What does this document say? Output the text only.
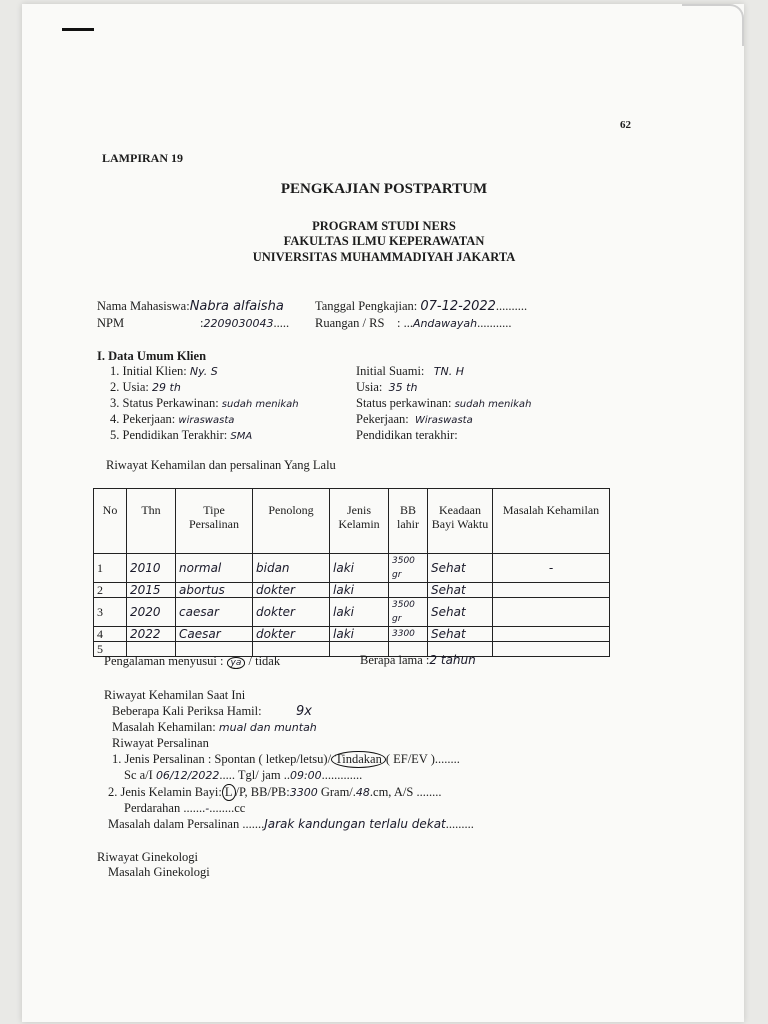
62
LAMPIRAN 19
PENGKAJIAN POSTPARTUM
PROGRAM STUDI NERS
FAKULTAS ILMU KEPERAWATAN
UNIVERSITAS MUHAMMADIYAH JAKARTA
Nama Mahasiswa:Nabra alfaisha Tanggal Pengkajian: 07-12-2022..........
NPM	:2209030043..... Ruangan / RS : ...Andawayah...........
I. Data Umum Klien
1. Initial Klien: Ny. S
2. Usia: 29 th
3. Status Perkawinan: sudah menikah
4. Pekerjaan: wiraswasta
5. Pendidikan Terakhir: SMA
Initial Suami: TN. H
Usia: 35 th
Status perkawinan: sudah menikah
Pekerjaan: Wiraswasta
Pendidikan terakhir:
Riwayat Kehamilan dan persalinan Yang Lalu
No	Thn	Tipe Persalinan	Penolong	Jenis Kelamin	BB lahir	Keadaan Bayi Waktu	Masalah Kehamilan
1	2010	normal	bidan	laki	3500 gr	Sehat	-
2	2015	abortus	dokter	laki		Sehat	
3	2020	caesar	dokter	laki	3500 gr	Sehat	
4	2022	Caesar	dokter	laki	3300	Sehat	
5							
Pengalaman menyusui : ya / tidak	Berapa lama :2 tahun
Riwayat Kehamilan Saat Ini
Beberapa Kali Periksa Hamil:	9x
Masalah Kehamilan: mual dan muntah
Riwayat Persalinan
1. Jenis Persalinan : Spontan ( letkep/letsu)/ Tindakan ( EF/EV )........
Sc a/I 06/12/2022..... Tgl/ jam ..09:00.............
2. Jenis Kelamin Bayi: L /P, BB/PB:3300 Gram/.48.cm, A/S ........
Perdarahan .......-........cc
Masalah dalam Persalinan .......Jarak kandungan terlalu dekat.........
Riwayat Ginekologi
Masalah Ginekologi
